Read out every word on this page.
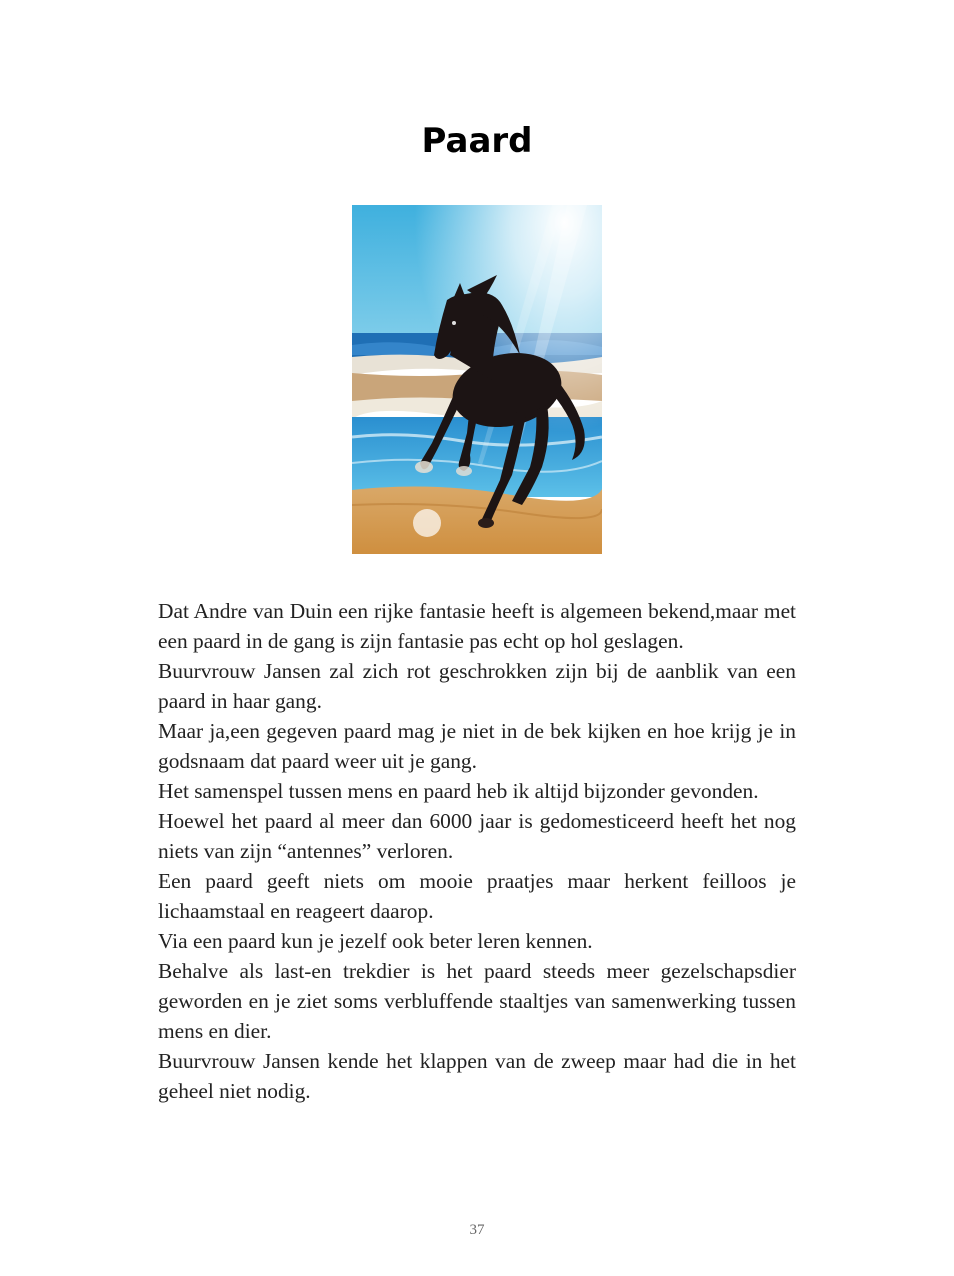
Paard

Dat Andre van Duin een rijke fantasie heeft is algemeen bekend,maar met een paard in de gang is zijn fantasie pas echt op hol geslagen.

Buurvrouw Jansen zal zich rot geschrokken zijn bij de aanblik van een paard in haar gang.

Maar ja,een gegeven paard mag je niet in de bek kijken en hoe krijg je in godsnaam dat paard weer uit je gang.

Het samenspel tussen mens en paard heb ik altijd bijzonder gevonden.

Hoewel het paard al meer dan 6000 jaar is gedomesticeerd heeft het nog niets van zijn “antennes” verloren.

Een paard geeft niets om mooie praatjes maar herkent feilloos je lichaamstaal en reageert daarop.

Via een paard kun je jezelf ook beter leren kennen.

Behalve als last-en trekdier is het paard steeds meer gezelschapsdier geworden en je ziet soms verbluffende staaltjes van samenwerking tussen mens en dier.

Buurvrouw Jansen kende het klappen van de zweep maar had die in het geheel niet nodig.

37
